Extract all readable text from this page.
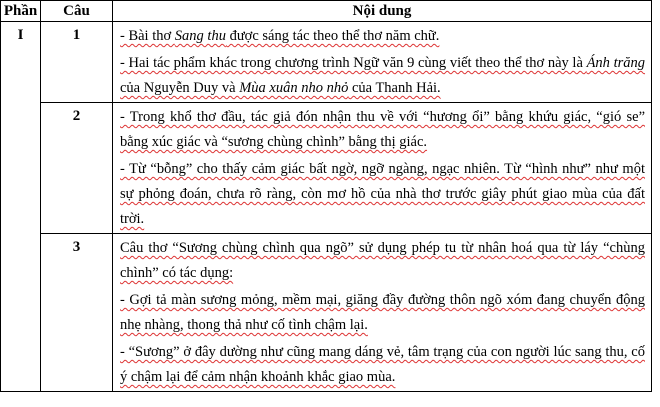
Phần	Câu	Nội dung
I	1	- Bài thơ Sang thu được sáng tác theo thể thơ năm chữ.

- Hai tác phẩm khác trong chương trình Ngữ văn 9 cùng viết theo thể thơ này là Ánh trăng của Nguyễn Duy và Mùa xuân nho nhỏ của Thanh Hải.

	2	- Trong khổ thơ đầu, tác giả đón nhận thu về với “hương ổi” bằng khứu giác, “gió se” bằng xúc giác và “sương chùng chình” bằng thị giác.

- Từ “bỗng” cho thấy cảm giác bất ngờ, ngỡ ngàng, ngạc nhiên. Từ “hình như” như một sự phỏng đoán, chưa rõ ràng, còn mơ hồ của nhà thơ trước giây phút giao mùa của đất trời.

	3	Câu thơ “Sương chùng chình qua ngõ” sử dụng phép tu từ nhân hoá qua từ láy “chùng chình” có tác dụng:

- Gợi tả màn sương mỏng, mềm mại, giăng đầy đường thôn ngõ xóm đang chuyển động nhẹ nhàng, thong thả như cố tình chậm lại.

- “Sương” ở đây dường như cũng mang dáng vẻ, tâm trạng của con người lúc sang thu, cố ý chậm lại để cảm nhận khoảnh khắc giao mùa.
